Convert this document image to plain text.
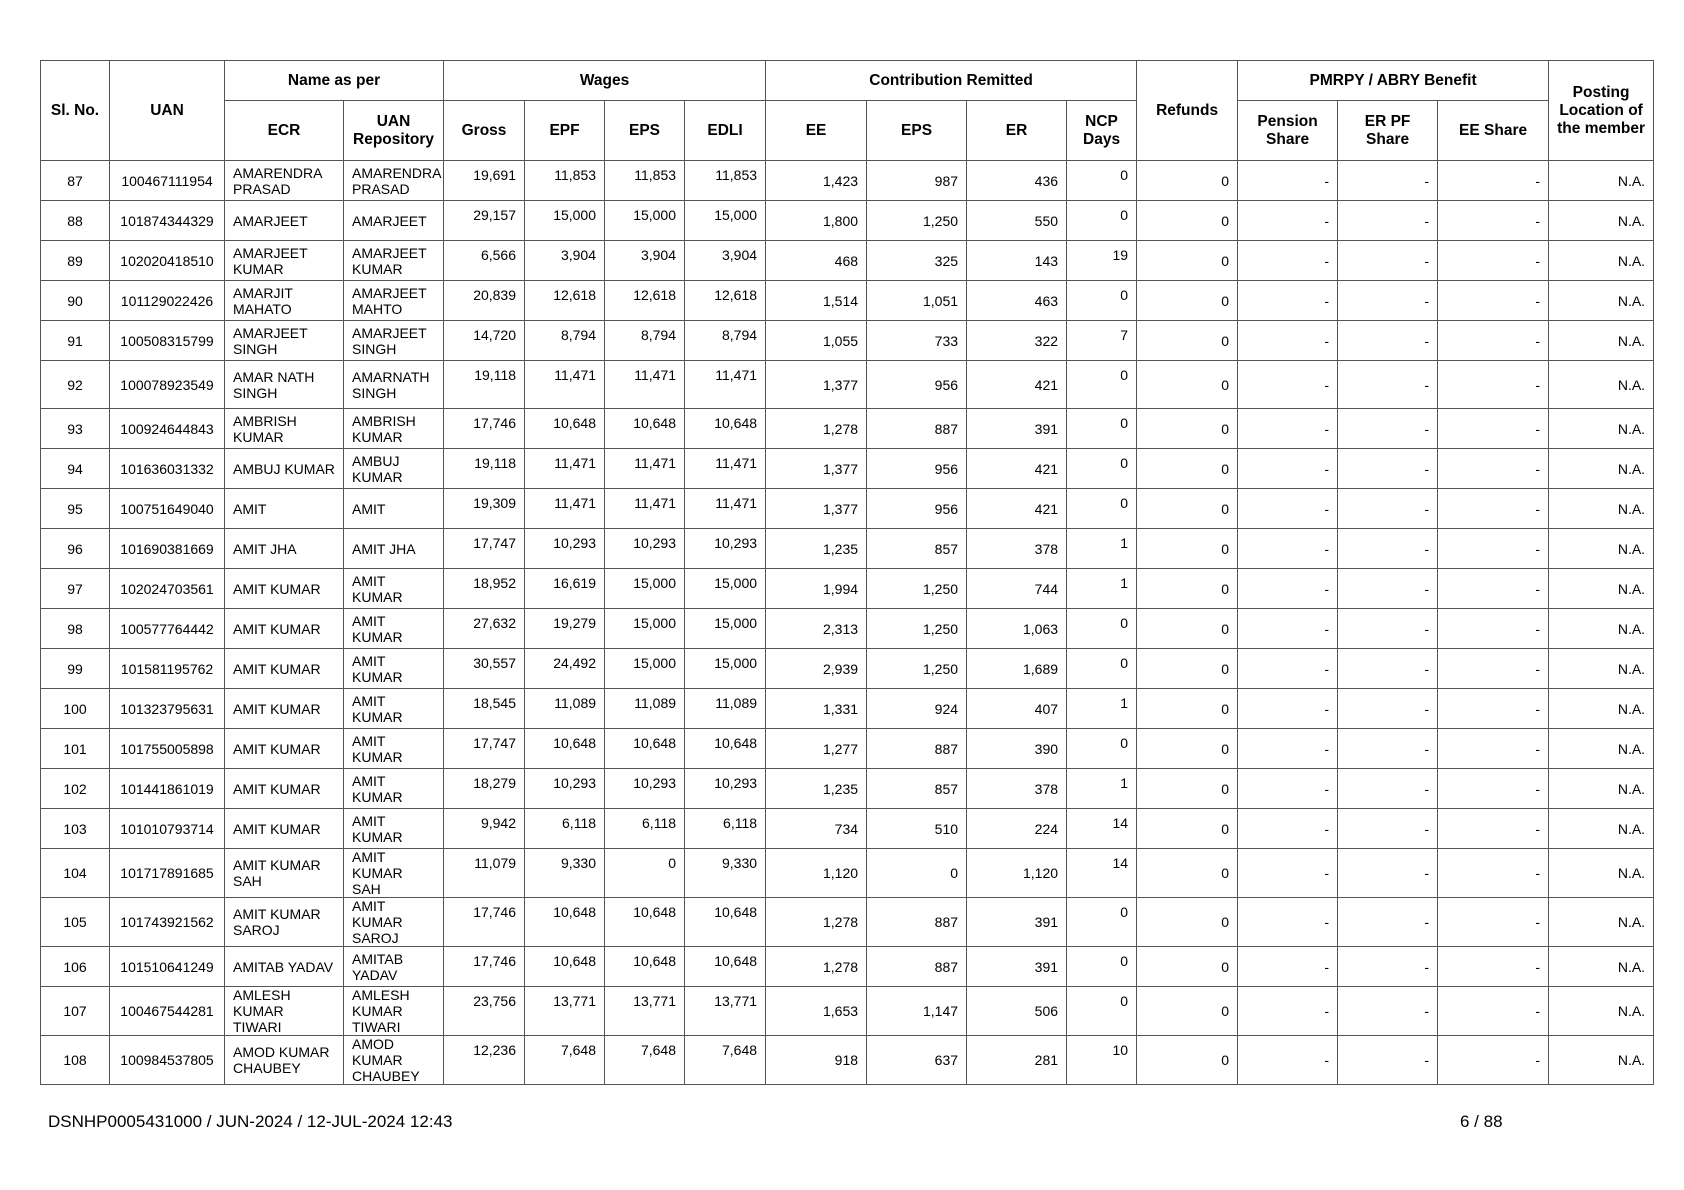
Sl. No.	UAN	Name as per		Wages				Contribution Remitted				Refunds	PMRPY / ABRY Benefit			Posting Location of the member
		ECR	UAN Repository	Gross	EPF	EPS	EDLI	EE	EPS	ER	NCP Days		Pension Share	ER PF Share	EE Share	
87	100467111954	AMARENDRA PRASAD	AMARENDRA PRASAD	19,691	11,853	11,853	11,853	1,423	987	436	0	0	-	-	-	N.A.
88	101874344329	AMARJEET	AMARJEET	29,157	15,000	15,000	15,000	1,800	1,250	550	0	0	-	-	-	N.A.
89	102020418510	AMARJEET KUMAR	AMARJEET KUMAR	6,566	3,904	3,904	3,904	468	325	143	19	0	-	-	-	N.A.
90	101129022426	AMARJIT MAHATO	AMARJEET MAHTO	20,839	12,618	12,618	12,618	1,514	1,051	463	0	0	-	-	-	N.A.
91	100508315799	AMARJEET SINGH	AMARJEET SINGH	14,720	8,794	8,794	8,794	1,055	733	322	7	0	-	-	-	N.A.
92	100078923549	AMAR NATH SINGH	AMARNATH SINGH	19,118	11,471	11,471	11,471	1,377	956	421	0	0	-	-	-	N.A.
93	100924644843	AMBRISH KUMAR	AMBRISH KUMAR	17,746	10,648	10,648	10,648	1,278	887	391	0	0	-	-	-	N.A.
94	101636031332	AMBUJ KUMAR	AMBUJ KUMAR	19,118	11,471	11,471	11,471	1,377	956	421	0	0	-	-	-	N.A.
95	100751649040	AMIT	AMIT	19,309	11,471	11,471	11,471	1,377	956	421	0	0	-	-	-	N.A.
96	101690381669	AMIT JHA	AMIT JHA	17,747	10,293	10,293	10,293	1,235	857	378	1	0	-	-	-	N.A.
97	102024703561	AMIT KUMAR	AMIT KUMAR	18,952	16,619	15,000	15,000	1,994	1,250	744	1	0	-	-	-	N.A.
98	100577764442	AMIT KUMAR	AMIT KUMAR	27,632	19,279	15,000	15,000	2,313	1,250	1,063	0	0	-	-	-	N.A.
99	101581195762	AMIT KUMAR	AMIT KUMAR	30,557	24,492	15,000	15,000	2,939	1,250	1,689	0	0	-	-	-	N.A.
100	101323795631	AMIT KUMAR	AMIT KUMAR	18,545	11,089	11,089	11,089	1,331	924	407	1	0	-	-	-	N.A.
101	101755005898	AMIT KUMAR	AMIT KUMAR	17,747	10,648	10,648	10,648	1,277	887	390	0	0	-	-	-	N.A.
102	101441861019	AMIT KUMAR	AMIT KUMAR	18,279	10,293	10,293	10,293	1,235	857	378	1	0	-	-	-	N.A.
103	101010793714	AMIT KUMAR	AMIT KUMAR	9,942	6,118	6,118	6,118	734	510	224	14	0	-	-	-	N.A.
104	101717891685	AMIT KUMAR SAH	AMIT KUMAR SAH	11,079	9,330	0	9,330	1,120	0	1,120	14	0	-	-	-	N.A.
105	101743921562	AMIT KUMAR SAROJ	AMIT KUMAR SAROJ	17,746	10,648	10,648	10,648	1,278	887	391	0	0	-	-	-	N.A.
106	101510641249	AMITAB YADAV	AMITAB YADAV	17,746	10,648	10,648	10,648	1,278	887	391	0	0	-	-	-	N.A.
107	100467544281	AMLESH KUMAR TIWARI	AMLESH KUMAR TIWARI	23,756	13,771	13,771	13,771	1,653	1,147	506	0	0	-	-	-	N.A.
108	100984537805	AMOD KUMAR CHAUBEY	AMOD KUMAR CHAUBEY	12,236	7,648	7,648	7,648	918	637	281	10	0	-	-	-	N.A.
DSNHP0005431000 / JUN-2024 / 12-JUL-2024 12:43	6 / 88
